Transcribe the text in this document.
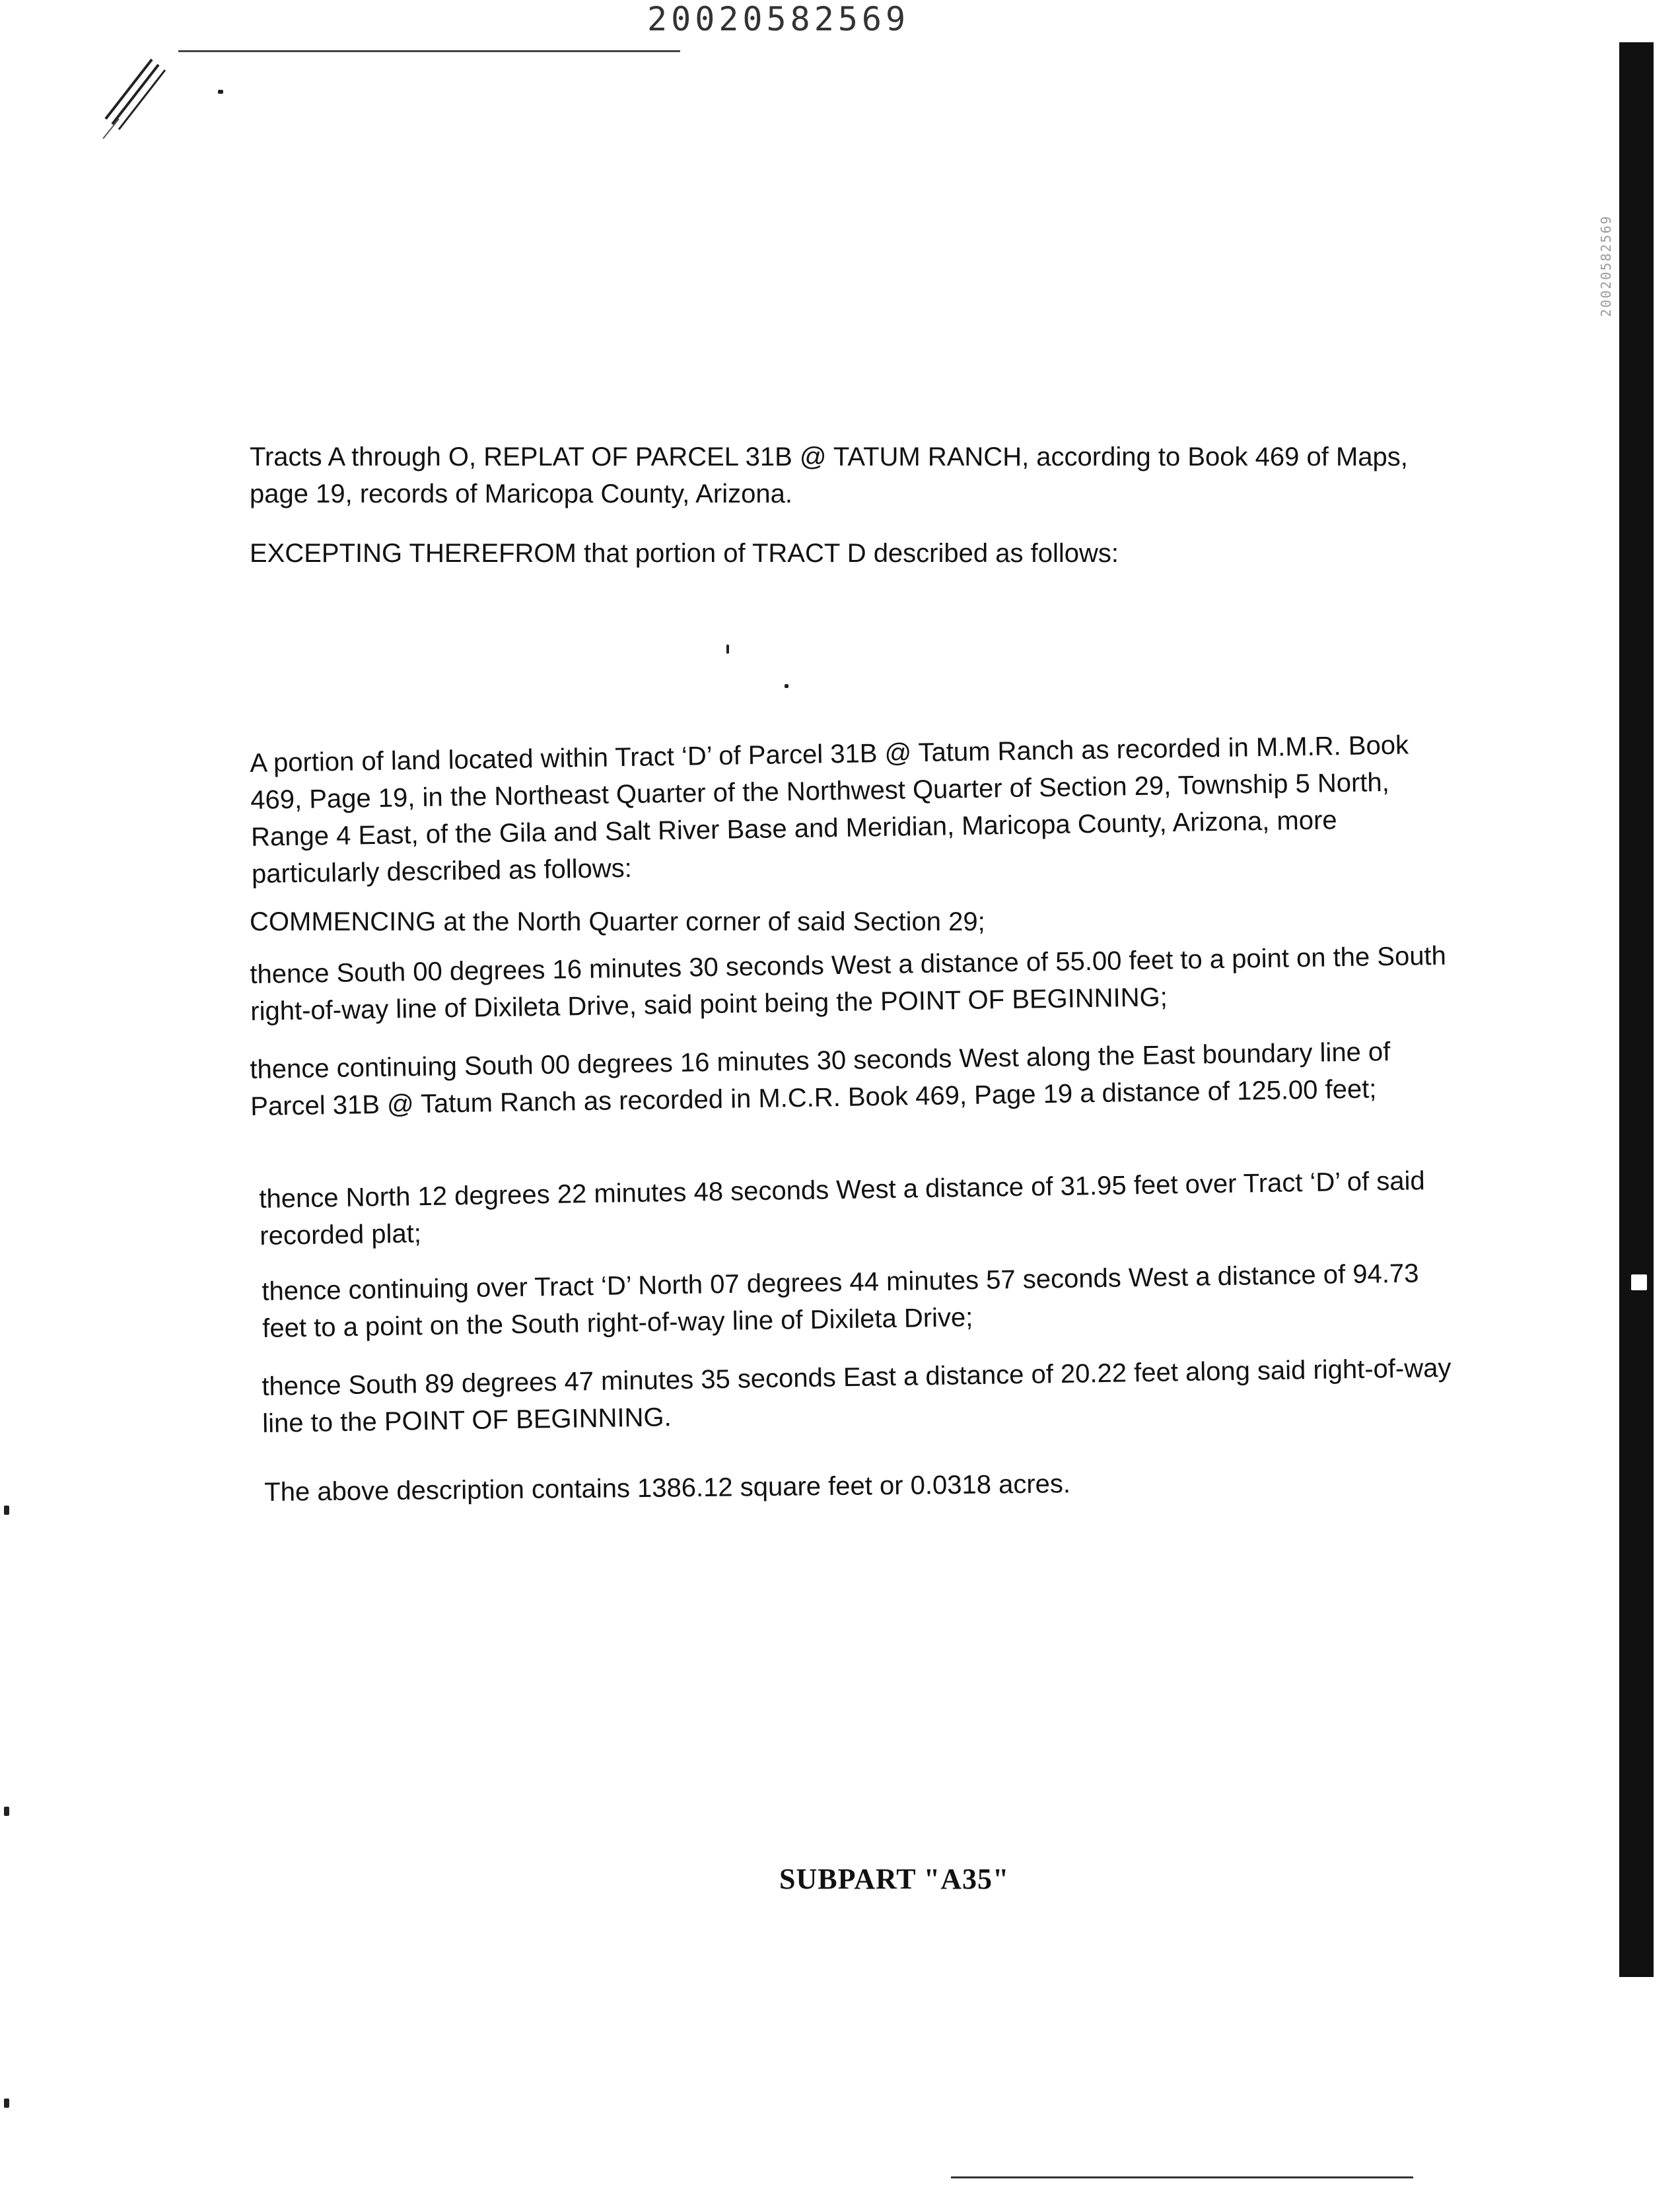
20020582569
20020582569

Tracts A through O, REPLAT OF PARCEL 31B @ TATUM RANCH, according to Book 469 of Maps, page 19, records of Maricopa County, Arizona.

EXCEPTING THEREFROM that portion of TRACT D described as follows:

A portion of land located within Tract ‘D’ of Parcel 31B @ Tatum Ranch as recorded in M.M.R. Book 469, Page 19, in the Northeast Quarter of the Northwest Quarter of Section 29, Township 5 North, Range 4 East, of the Gila and Salt River Base and Meridian, Maricopa County, Arizona, more particularly described as follows:

COMMENCING at the North Quarter corner of said Section 29;

thence South 00 degrees 16 minutes 30 seconds West a distance of 55.00 feet to a point on the South right-of-way line of Dixileta Drive, said point being the POINT OF BEGINNING;

thence continuing South 00 degrees 16 minutes 30 seconds West along the East boundary line of Parcel 31B @ Tatum Ranch as recorded in M.C.R. Book 469, Page 19 a distance of 125.00 feet;

thence North 12 degrees 22 minutes 48 seconds West a distance of 31.95 feet over Tract ‘D’ of said recorded plat;

thence continuing over Tract ‘D’ North 07 degrees 44 minutes 57 seconds West a distance of 94.73 feet to a point on the South right-of-way line of Dixileta Drive;

thence South 89 degrees 47 minutes 35 seconds East a distance of 20.22 feet along said right-of-way line to the POINT OF BEGINNING.

The above description contains 1386.12 square feet or 0.0318 acres.

SUBPART "A35"
